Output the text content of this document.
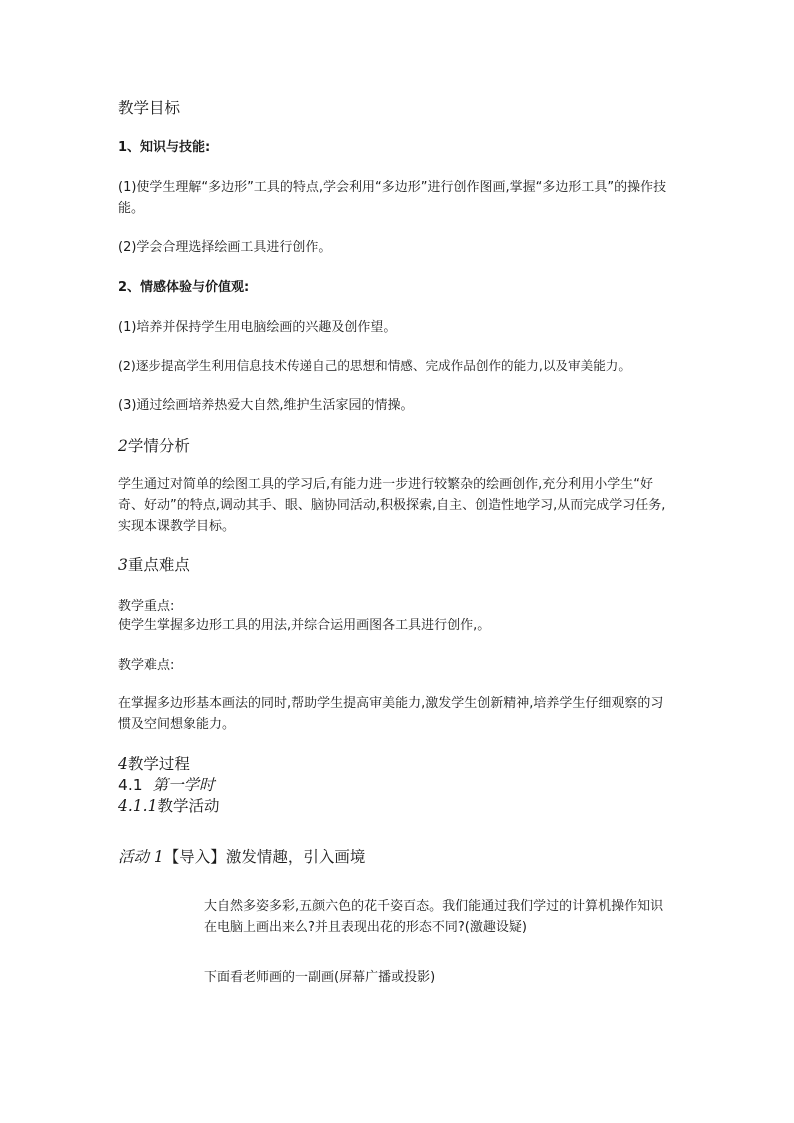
教学目标

1、知识与技能:

(1)使学生理解“多边形”工具的特点,学会利用“多边形”进行创作图画,掌握“多边形工具”的操作技能。

(2)学会合理选择绘画工具进行创作。

2、情感体验与价值观:

(1)培养并保持学生用电脑绘画的兴趣及创作望。

(2)逐步提高学生利用信息技术传递自己的思想和情感、完成作品创作的能力,以及审美能力。

(3)通过绘画培养热爱大自然,维护生活家园的情操。

2学情分析

学生通过对简单的绘图工具的学习后,有能力进一步进行较繁杂的绘画创作,充分利用小学生“好奇、好动”的特点,调动其手、眼、脑协同活动,积极探索,自主、创造性地学习,从而完成学习任务,实现本课教学目标。

3重点难点

教学重点:

使学生掌握多边形工具的用法,并综合运用画图各工具进行创作,。

教学难点:

在掌握多边形基本画法的同时,帮助学生提高审美能力,激发学生创新精神,培养学生仔细观察的习惯及空间想象能力。

4教学过程

4.1 第一学时

4.1.1教学活动

活动 1【导入】激发情趣，引入画境

大自然多姿多彩,五颜六色的花千姿百态。我们能通过我们学过的计算机操作知识在电脑上画出来么?并且表现出花的形态不同?(激趣设疑)

下面看老师画的一副画(屏幕广播或投影)
